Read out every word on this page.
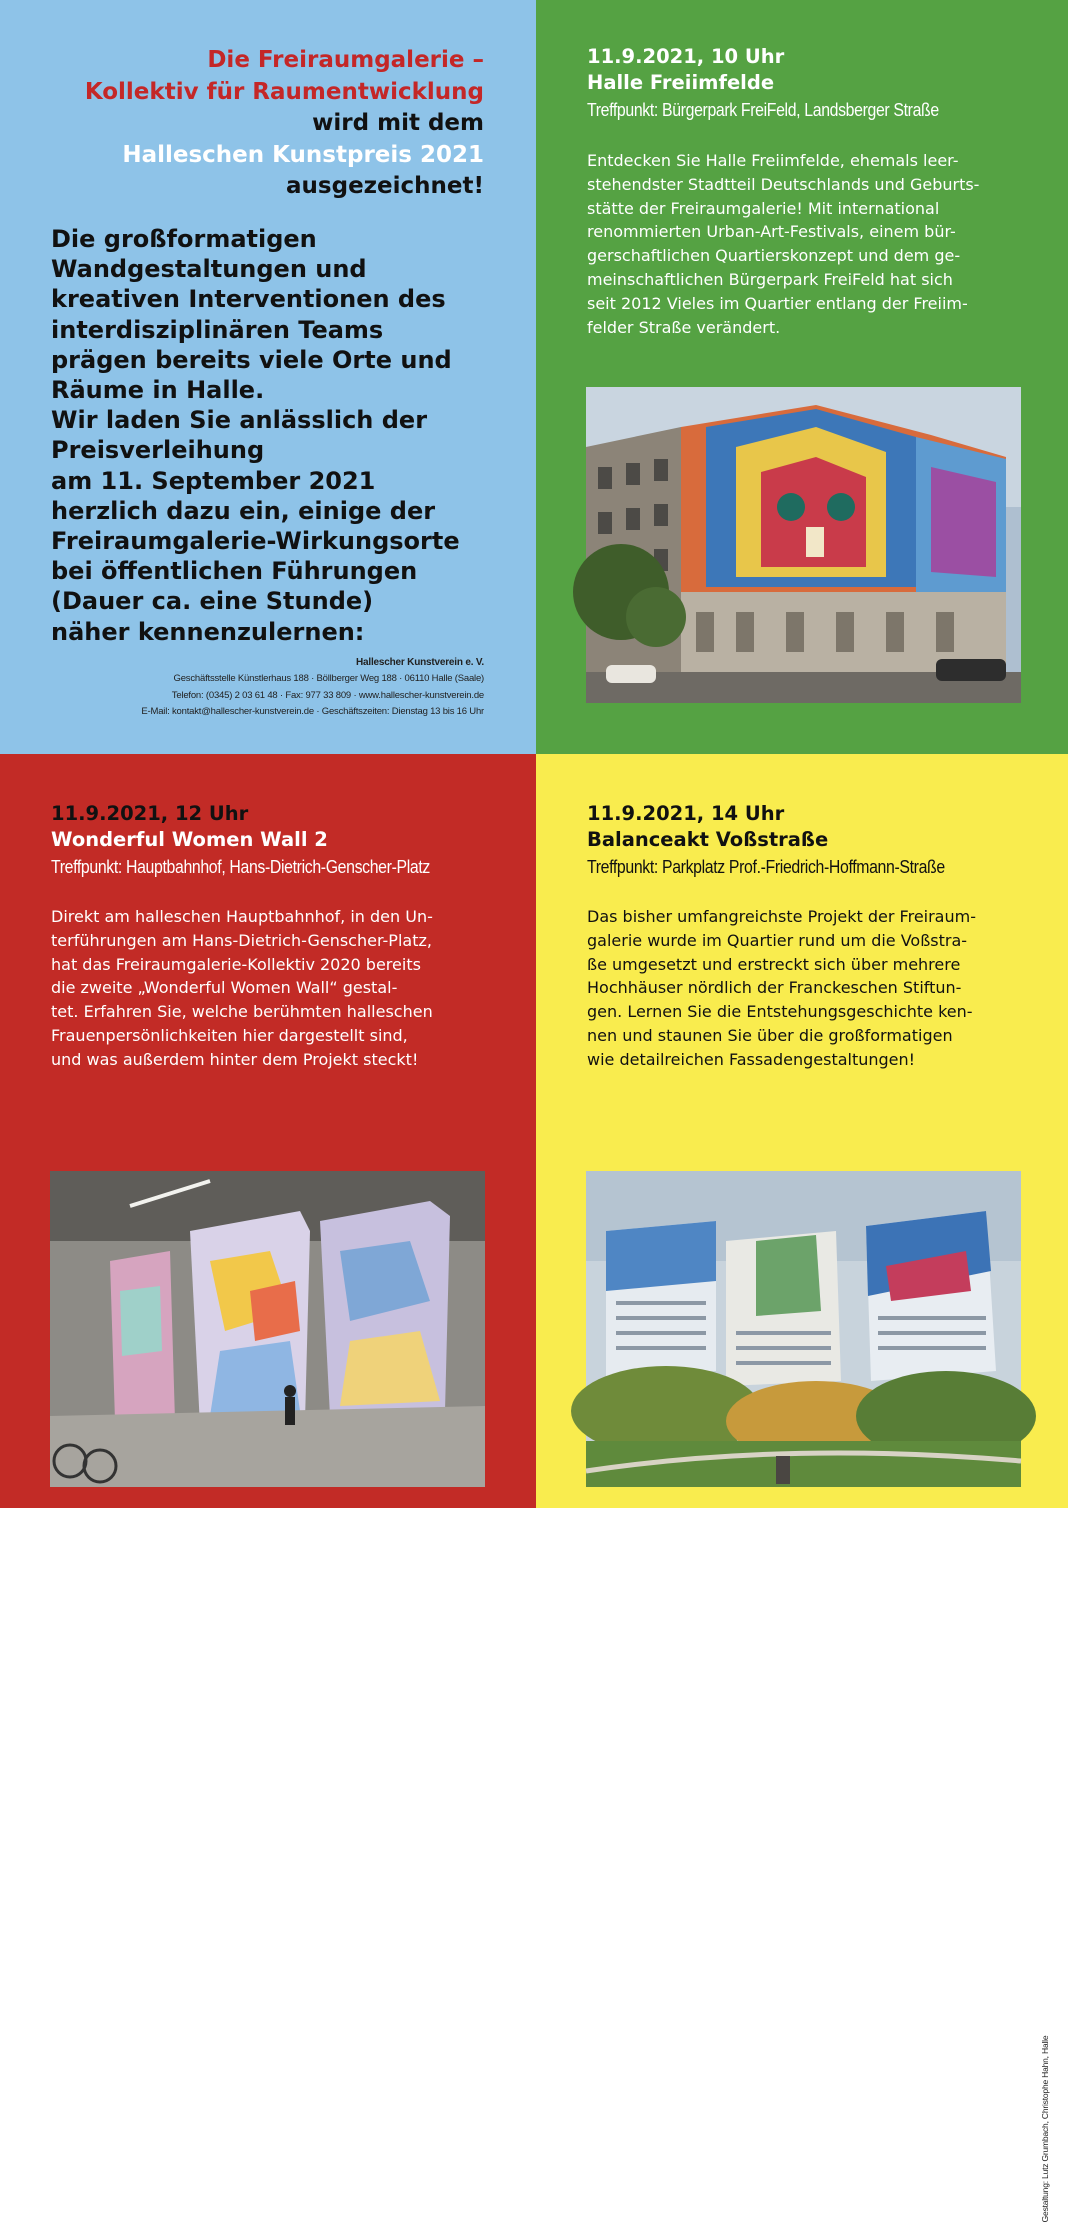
Die Freiraumgalerie –
Kollektiv für Raumentwicklung
wird mit dem
Halleschen Kunstpreis 2021
ausgezeichnet!

Die großformatigen
Wandgestaltungen und
kreativen Interventionen des
interdisziplinären Teams
prägen bereits viele Orte und
Räume in Halle.

Wir laden Sie anlässlich der
Preisverleihung
am 11. September 2021
herzlich dazu ein, einige der
Freiraumgalerie-Wirkungsorte
bei öffentlichen Führungen
(Dauer ca. eine Stunde)
näher kennenzulernen:

Hallescher Kunstverein e. V.
Geschäftsstelle Künstlerhaus 188 · Böllberger Weg 188 · 06110 Halle (Saale)
Telefon: (0345) 2 03 61 48 · Fax: 977 33 809 · www.hallescher-kunstverein.de
E-Mail: kontakt@hallescher-kunstverein.de · Geschäftszeiten: Dienstag 13 bis 16 Uhr
11.9.2021, 10 Uhr
Halle Freiimfelde
Treffpunkt: Bürgerpark FreiFeld, Landsberger Straße
Entdecken Sie Halle Freiimfelde, ehemals leer-
stehendster Stadtteil Deutschlands und Geburts-
stätte der Freiraumgalerie! Mit international
renommierten Urban-Art-Festivals, einem bür-
gerschaftlichen Quartierskonzept und dem ge-
meinschaftlichen Bürgerpark FreiFeld hat sich
seit 2012 Vieles im Quartier entlang der Freiim-
felder Straße verändert.
11.9.2021, 12 Uhr
Wonderful Women Wall 2
Treffpunkt: Hauptbahnhof, Hans-Dietrich-Genscher-Platz
Direkt am halleschen Hauptbahnhof, in den Un-
terführungen am Hans-Dietrich-Genscher-Platz,
hat das Freiraumgalerie-Kollektiv 2020 bereits
die zweite „Wonderful Women Wall“ gestal-
tet. Erfahren Sie, welche berühmten halleschen
Frauenpersönlichkeiten hier dargestellt sind,
und was außerdem hinter dem Projekt steckt!
11.9.2021, 14 Uhr
Balanceakt Voßstraße
Treffpunkt: Parkplatz Prof.-Friedrich-Hoffmann-Straße
Das bisher umfangreichste Projekt der Freiraum-
galerie wurde im Quartier rund um die Voßstra-
ße umgesetzt und erstreckt sich über mehrere
Hochhäuser nördlich der Franckeschen Stiftun-
gen. Lernen Sie die Entstehungsgeschichte ken-
nen und staunen Sie über die großformatigen
wie detailreichen Fassadengestaltungen!
Gestaltung: Lutz Grumbach, Christophe Hahn, Halle
